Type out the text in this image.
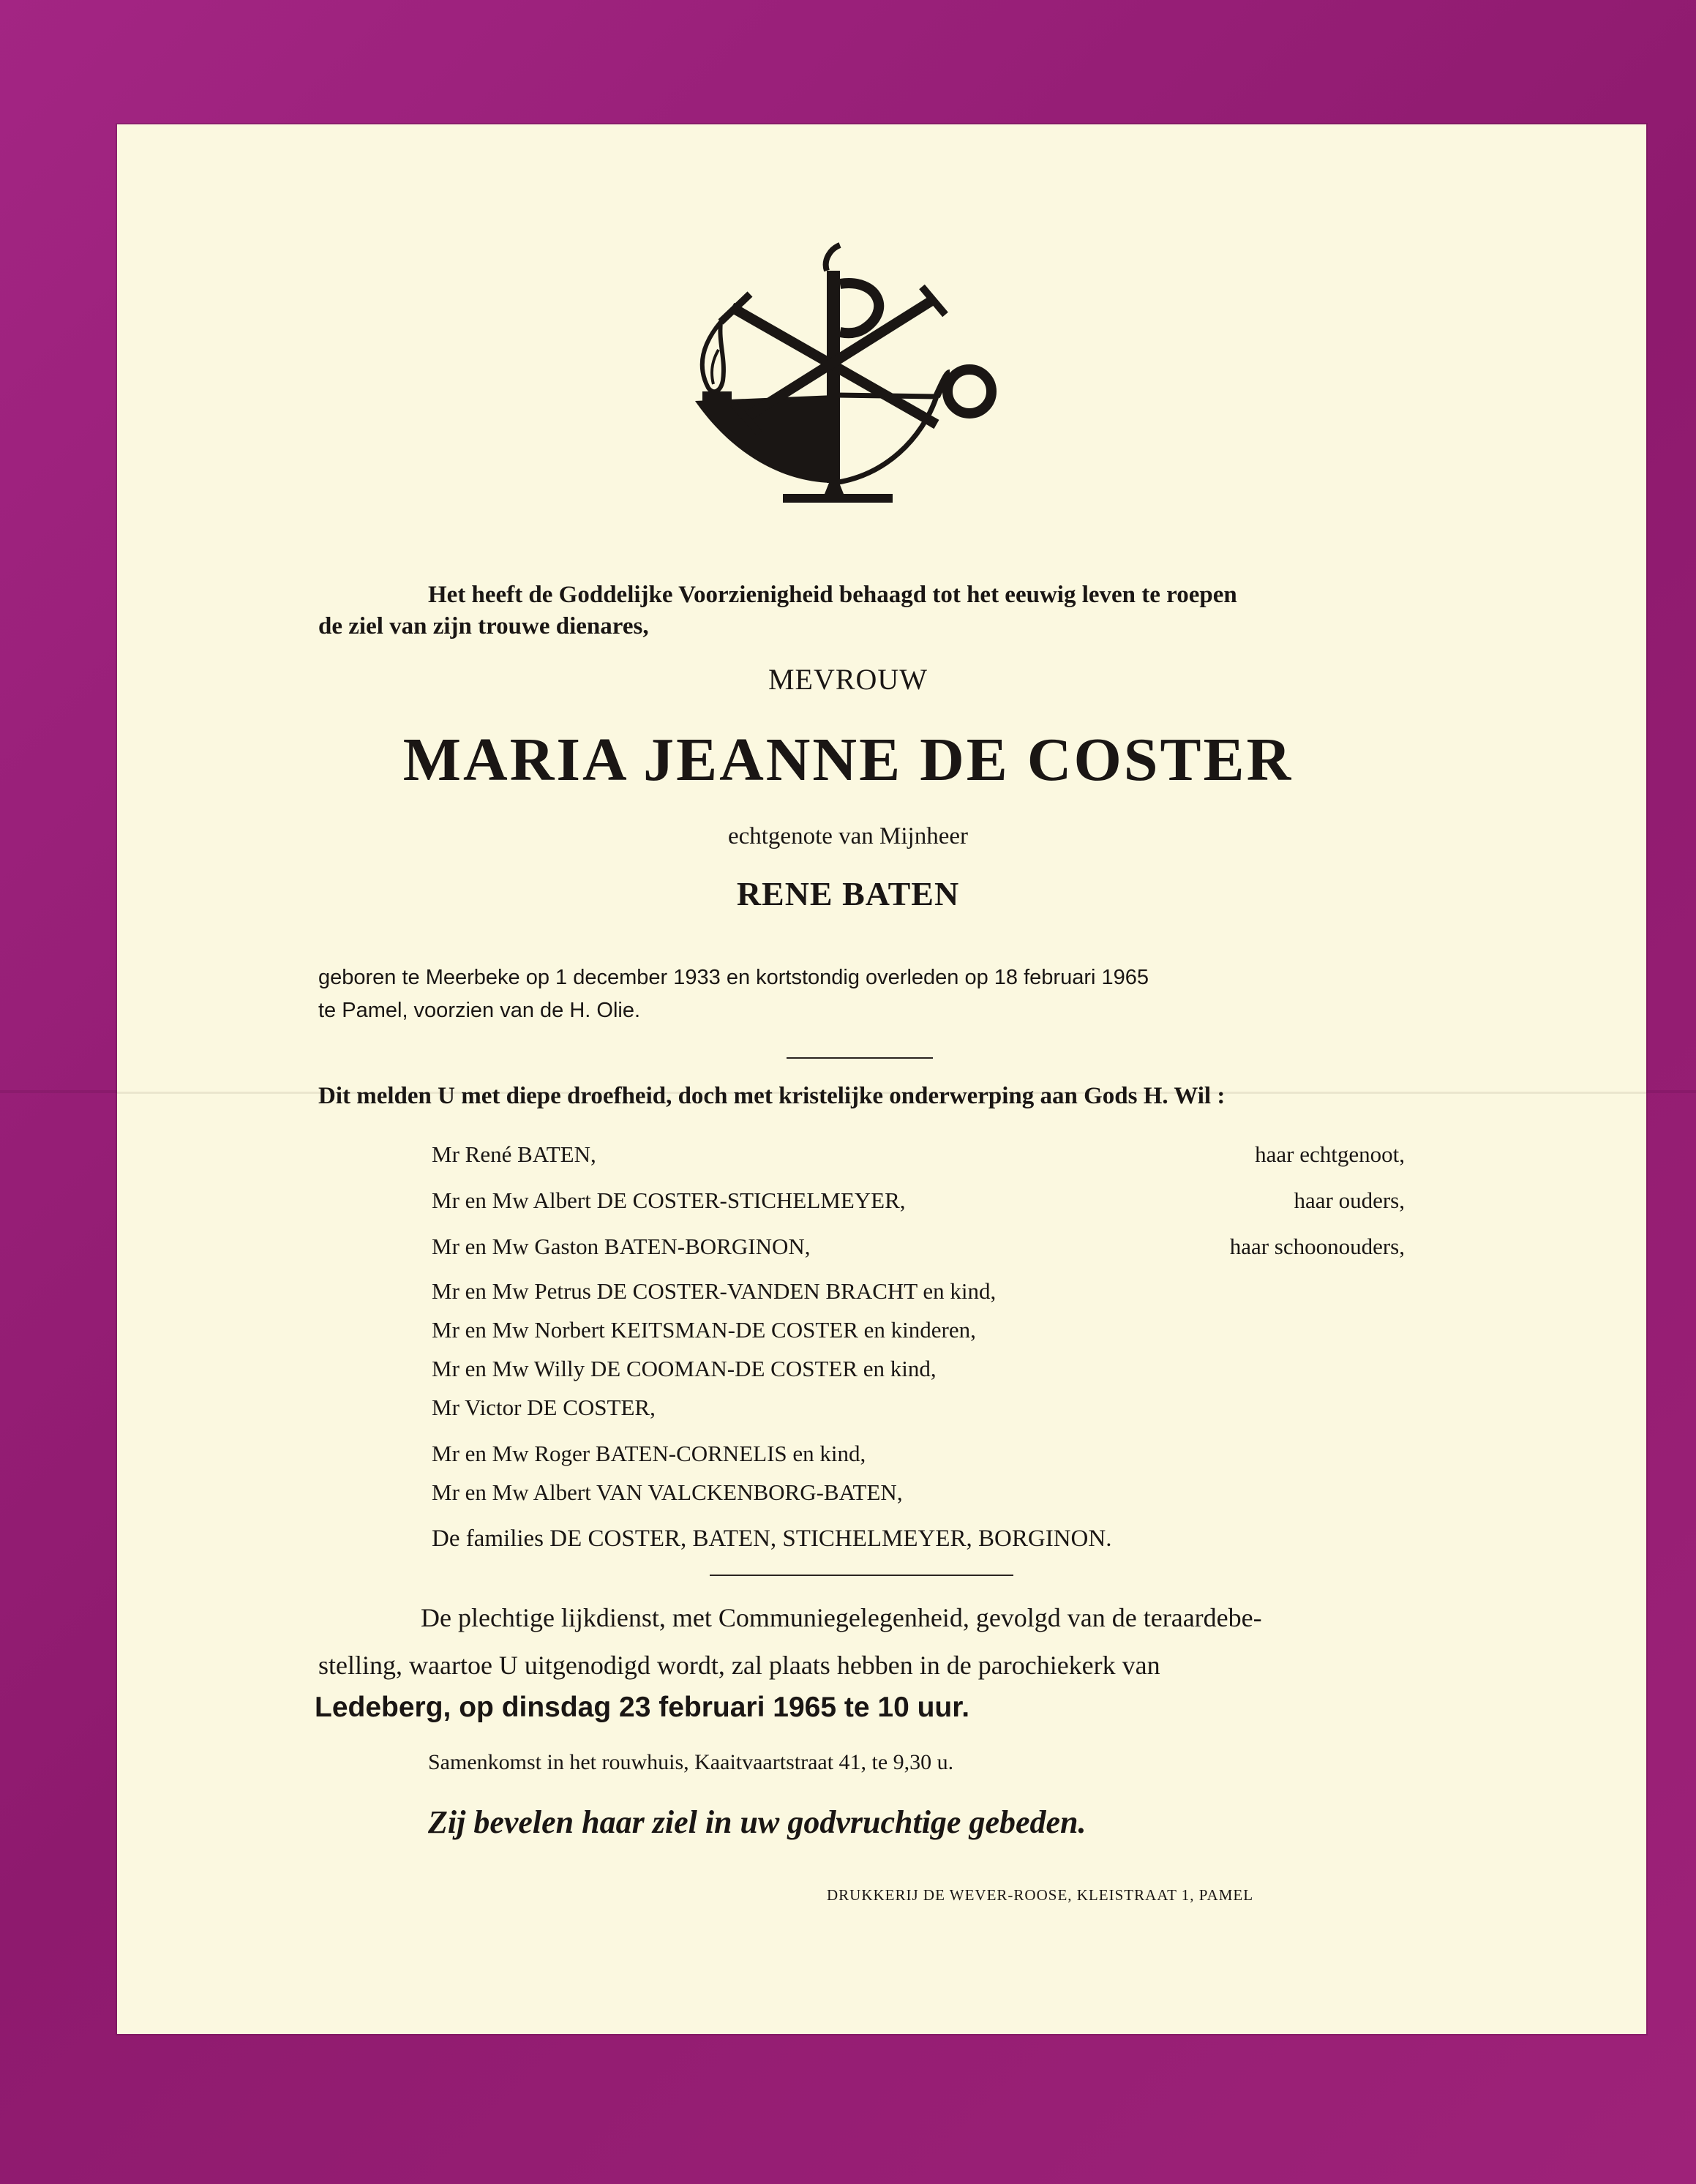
Het heeft de Goddelijke Voorzienigheid behaagd tot het eeuwig leven te roepen
de ziel van zijn trouwe dienares,
MEVROUW
MARIA JEANNE DE COSTER
echtgenote van Mijnheer
RENE BATEN
geboren te Meerbeke op 1 december 1933 en kortstondig overleden op 18 februari 1965
te Pamel, voorzien van de H. Olie.
Dit melden U met diepe droefheid, doch met kristelijke onderwerping aan Gods H. Wil :
Mr René BATEN,	haar echtgenoot,
Mr en Mw Albert DE COSTER-STICHELMEYER,	haar ouders,
Mr en Mw Gaston BATEN-BORGINON,	haar schoonouders,
Mr en Mw Petrus DE COSTER-VANDEN BRACHT en kind,
Mr en Mw Norbert KEITSMAN-DE COSTER en kinderen,
Mr en Mw Willy DE COOMAN-DE COSTER en kind,
Mr Victor DE COSTER,
Mr en Mw Roger BATEN-CORNELIS en kind,
Mr en Mw Albert VAN VALCKENBORG-BATEN,
De families DE COSTER, BATEN, STICHELMEYER, BORGINON.
De plechtige lijkdienst, met Communiegelegenheid, gevolgd van de teraardebe-
stelling, waartoe U uitgenodigd wordt, zal plaats hebben in de parochiekerk van
Ledeberg, op dinsdag 23 februari 1965 te 10 uur.
Samenkomst in het rouwhuis, Kaaitvaartstraat 41, te 9,30 u.
Zij bevelen haar ziel in uw godvruchtige gebeden.
DRUKKERIJ DE WEVER-ROOSE, KLEISTRAAT 1, PAMEL
